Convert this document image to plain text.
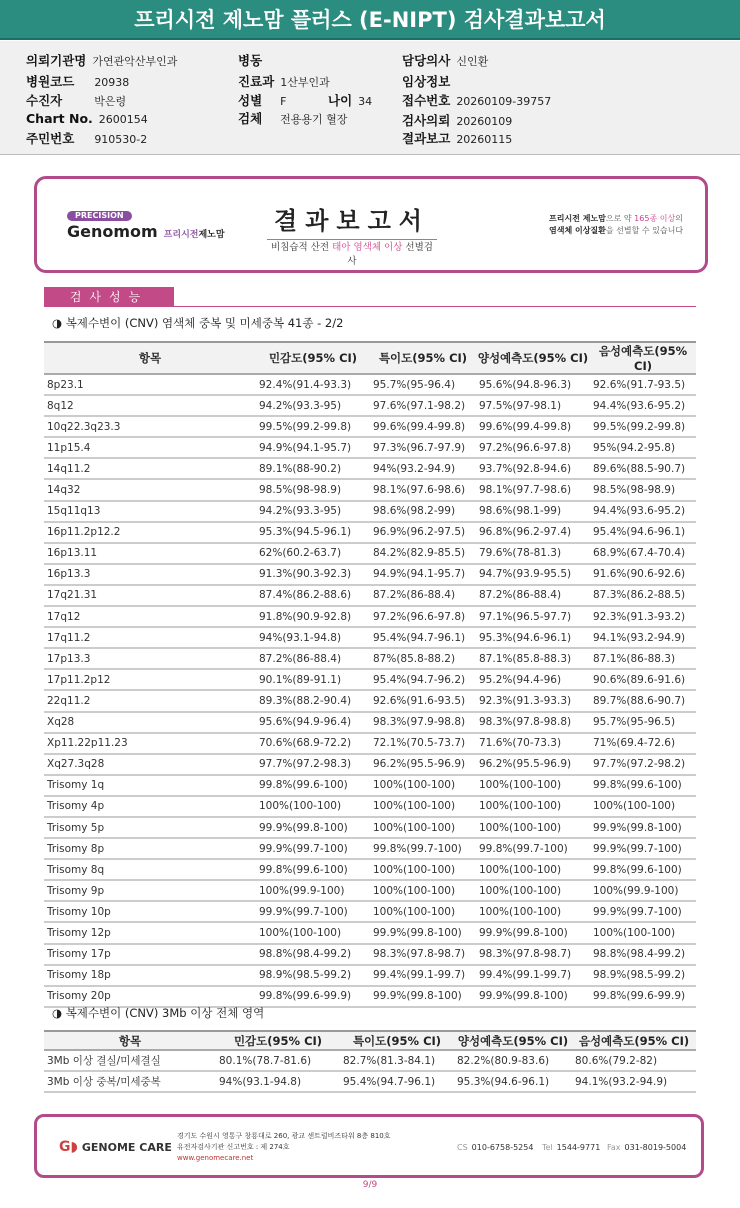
프리시전 제노맘 플러스 (E-NIPT) 검사결과보고서
의뢰기관명 가연관악산부인과
병원코드 20938
수진자	박은령
Chart No. 2600154
주민번호 910530-2
병동
진료과 1산부인과
성별 F	나이 34
검체 전용용기 혈장
담당의사 신인환
임상정보
접수번호 20260109-39757
검사의뢰 20260109
결과보고 20260115
PRECISION
Genomom 프리시전제노맘 결과보고서
비침습적 산전 태아 염색체 이상 선별검사
프리시전 제노맘으로 약 165종 이상의
염색체 이상질환을 선별할 수 있습니다
검사성능
◑ 복제수변이 (CNV) 염색체 중복 및 미세중복 41종 - 2/2
항목	민감도(95% CI)	특이도(95% CI)	양성예측도(95% CI)	음성예측도(95% CI)
8p23.1	92.4%(91.4-93.3)	95.7%(95-96.4)	95.6%(94.8-96.3)	92.6%(91.7-93.5)
8q12	94.2%(93.3-95)	97.6%(97.1-98.2)	97.5%(97-98.1)	94.4%(93.6-95.2)
10q22.3q23.3	99.5%(99.2-99.8)	99.6%(99.4-99.8)	99.6%(99.4-99.8)	99.5%(99.2-99.8)
11p15.4	94.9%(94.1-95.7)	97.3%(96.7-97.9)	97.2%(96.6-97.8)	95%(94.2-95.8)
14q11.2	89.1%(88-90.2)	94%(93.2-94.9)	93.7%(92.8-94.6)	89.6%(88.5-90.7)
14q32	98.5%(98-98.9)	98.1%(97.6-98.6)	98.1%(97.7-98.6)	98.5%(98-98.9)
15q11q13	94.2%(93.3-95)	98.6%(98.2-99)	98.6%(98.1-99)	94.4%(93.6-95.2)
16p11.2p12.2	95.3%(94.5-96.1)	96.9%(96.2-97.5)	96.8%(96.2-97.4)	95.4%(94.6-96.1)
16p13.11	62%(60.2-63.7)	84.2%(82.9-85.5)	79.6%(78-81.3)	68.9%(67.4-70.4)
16p13.3	91.3%(90.3-92.3)	94.9%(94.1-95.7)	94.7%(93.9-95.5)	91.6%(90.6-92.6)
17q21.31	87.4%(86.2-88.6)	87.2%(86-88.4)	87.2%(86-88.4)	87.3%(86.2-88.5)
17q12	91.8%(90.9-92.8)	97.2%(96.6-97.8)	97.1%(96.5-97.7)	92.3%(91.3-93.2)
17q11.2	94%(93.1-94.8)	95.4%(94.7-96.1)	95.3%(94.6-96.1)	94.1%(93.2-94.9)
17p13.3	87.2%(86-88.4)	87%(85.8-88.2)	87.1%(85.8-88.3)	87.1%(86-88.3)
17p11.2p12	90.1%(89-91.1)	95.4%(94.7-96.2)	95.2%(94.4-96)	90.6%(89.6-91.6)
22q11.2	89.3%(88.2-90.4)	92.6%(91.6-93.5)	92.3%(91.3-93.3)	89.7%(88.6-90.7)
Xq28	95.6%(94.9-96.4)	98.3%(97.9-98.8)	98.3%(97.8-98.8)	95.7%(95-96.5)
Xp11.22p11.23	70.6%(68.9-72.2)	72.1%(70.5-73.7)	71.6%(70-73.3)	71%(69.4-72.6)
Xq27.3q28	97.7%(97.2-98.3)	96.2%(95.5-96.9)	96.2%(95.5-96.9)	97.7%(97.2-98.2)
Trisomy 1q	99.8%(99.6-100)	100%(100-100)	100%(100-100)	99.8%(99.6-100)
Trisomy 4p	100%(100-100)	100%(100-100)	100%(100-100)	100%(100-100)
Trisomy 5p	99.9%(99.8-100)	100%(100-100)	100%(100-100)	99.9%(99.8-100)
Trisomy 8p	99.9%(99.7-100)	99.8%(99.7-100)	99.8%(99.7-100)	99.9%(99.7-100)
Trisomy 8q	99.8%(99.6-100)	100%(100-100)	100%(100-100)	99.8%(99.6-100)
Trisomy 9p	100%(99.9-100)	100%(100-100)	100%(100-100)	100%(99.9-100)
Trisomy 10p	99.9%(99.7-100)	100%(100-100)	100%(100-100)	99.9%(99.7-100)
Trisomy 12p	100%(100-100)	99.9%(99.8-100)	99.9%(99.8-100)	100%(100-100)
Trisomy 17p	98.8%(98.4-99.2)	98.3%(97.8-98.7)	98.3%(97.8-98.7)	98.8%(98.4-99.2)
Trisomy 18p	98.9%(98.5-99.2)	99.4%(99.1-99.7)	99.4%(99.1-99.7)	98.9%(98.5-99.2)
Trisomy 20p	99.8%(99.6-99.9)	99.9%(99.8-100)	99.9%(99.8-100)	99.8%(99.6-99.9)
◑ 복제수변이 (CNV) 3Mb 이상 전체 영역
항목	민감도(95% CI)	특이도(95% CI)	양성예측도(95% CI)	음성예측도(95% CI)
3Mb 이상 결실/미세결실	80.1%(78.7-81.6)	82.7%(81.3-84.1)	82.2%(80.9-83.6)	80.6%(79.2-82)
3Mb 이상 중복/미세중복	94%(93.1-94.8)	95.4%(94.7-96.1)	95.3%(94.6-96.1)	94.1%(93.2-94.9)
G◗ GENOME CARE
경기도 수원시 영통구 창룡대로 260, 광교 센트럴비즈타워 8층 810호
유전자검사기관 신고번호 : 제 274호
www.genomecare.net
CS 010-6758-5254 Tel 1544-9771 Fax 031-8019-5004
9/9
